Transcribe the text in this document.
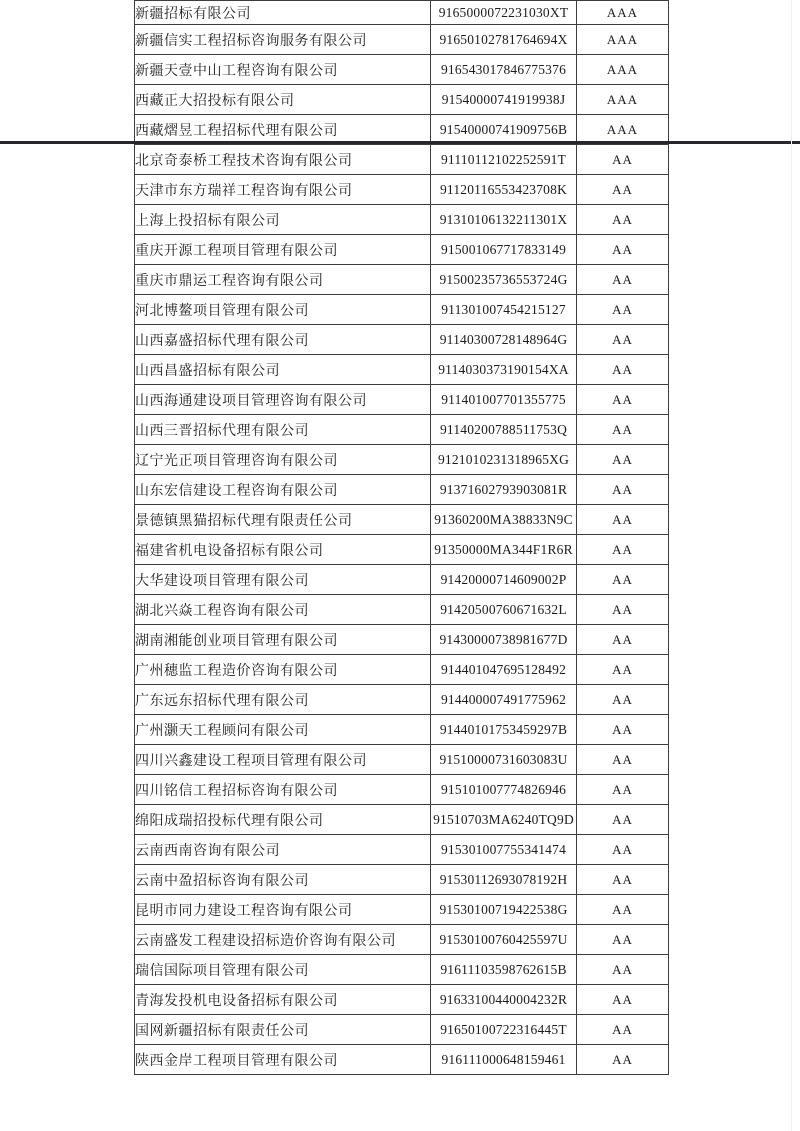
新疆招标有限公司	9165000072231030XT	AAA
新疆信实工程招标咨询服务有限公司	91650102781764694X	AAA
新疆天壹中山工程咨询有限公司	916543017846775376	AAA
西藏正大招投标有限公司	91540000741919938J	AAA
西藏熠昱工程招标代理有限公司	91540000741909756B	AAA
北京奇泰桥工程技术咨询有限公司	91110112102252591T	AA
天津市东方瑞祥工程咨询有限公司	91120116553423708K	AA
上海上投招标有限公司	91310106132211301X	AA
重庆开源工程项目管理有限公司	915001067717833149	AA
重庆市鼎运工程咨询有限公司	91500235736553724G	AA
河北博鳌项目管理有限公司	911301007454215127	AA
山西嘉盛招标代理有限公司	91140300728148964G	AA
山西昌盛招标有限公司	9114030373190154XA	AA
山西海通建设项目管理咨询有限公司	911401007701355775	AA
山西三晋招标代理有限公司	91140200788511753Q	AA
辽宁光正项目管理咨询有限公司	9121010231318965XG	AA
山东宏信建设工程咨询有限公司	91371602793903081R	AA
景德镇黑猫招标代理有限责任公司	91360200MA38833N9C	AA
福建省机电设备招标有限公司	91350000MA344F1R6R	AA
大华建设项目管理有限公司	91420000714609002P	AA
湖北兴焱工程咨询有限公司	91420500760671632L	AA
湖南湘能创业项目管理有限公司	91430000738981677D	AA
广州穗监工程造价咨询有限公司	914401047695128492	AA
广东远东招标代理有限公司	914400007491775962	AA
广州灏天工程顾问有限公司	91440101753459297B	AA
四川兴鑫建设工程项目管理有限公司	91510000731603083U	AA
四川铭信工程招标咨询有限公司	915101007774826946	AA
绵阳成瑞招投标代理有限公司	91510703MA6240TQ9D	AA
云南西南咨询有限公司	915301007755341474	AA
云南中盈招标咨询有限公司	91530112693078192H	AA
昆明市同力建设工程咨询有限公司	91530100719422538G	AA
云南盛发工程建设招标造价咨询有限公司	91530100760425597U	AA
瑞信国际项目管理有限公司	91611103598762615B	AA
青海发投机电设备招标有限公司	91633100440004232R	AA
国网新疆招标有限责任公司	91650100722316445T	AA
陕西金岸工程项目管理有限公司	916111000648159461	AA
